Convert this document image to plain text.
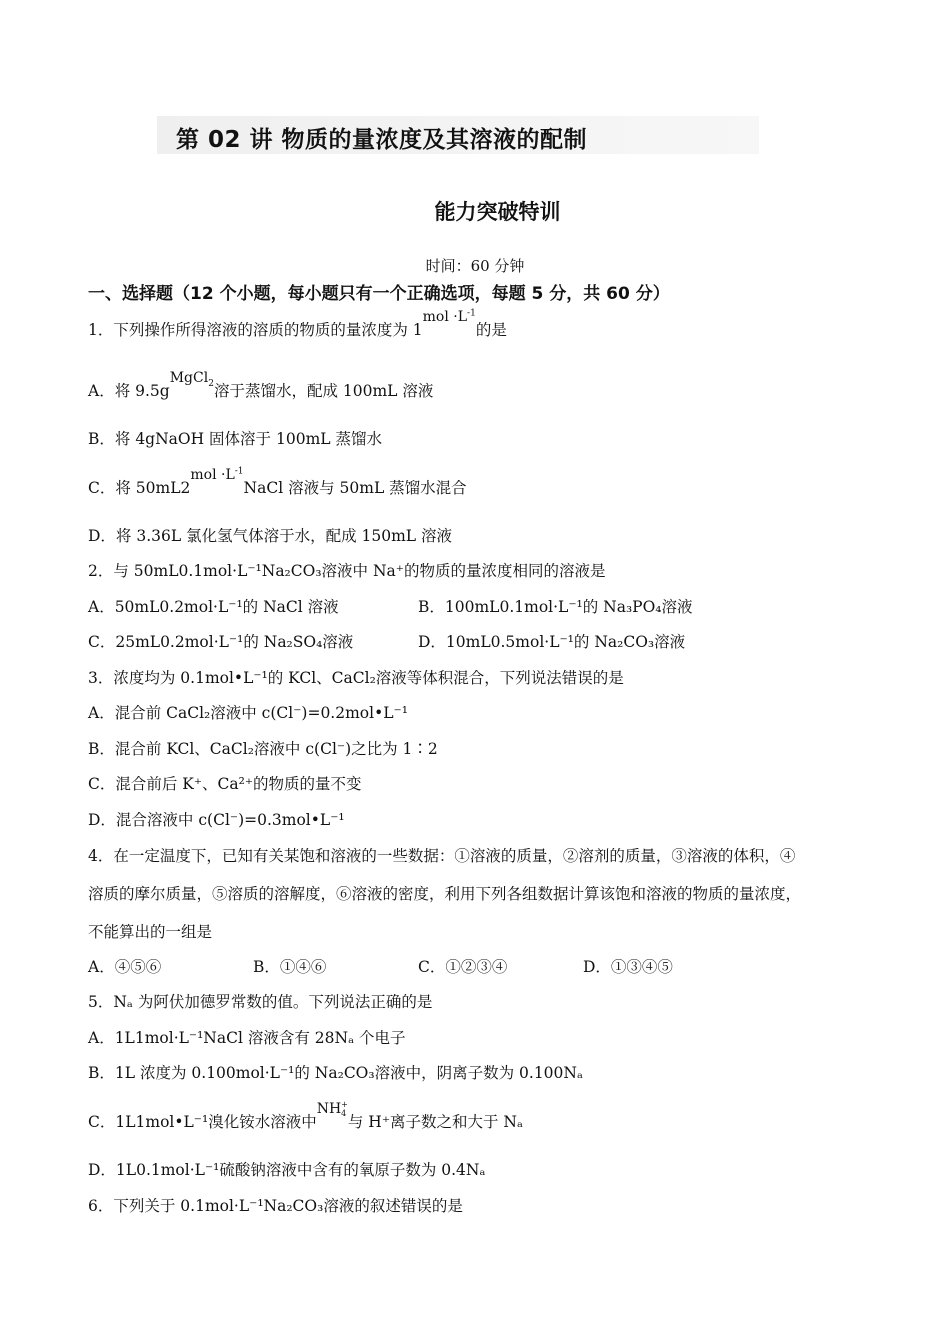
第 02 讲 物质的量浓度及其溶液的配制
能力突破特训
时间：60 分钟
一、选择题（12 个小题，每小题只有一个正确选项，每题 5 分，共 60 分）
1．下列操作所得溶液的溶质的物质的量浓度为 $1mol \cdot L^{-1}$的是
A．将 9.5gMgCl$_2$溶于蒸馏水，配成 100mL 溶液
B．将 4gNaOH 固体溶于 100mL 蒸馏水
C．将 $50mL2mol \cdot L^{-1}NaCl$ 溶液与 50mL 蒸馏水混合
D．将 3.36L 氯化氢气体溶于水，配成 150mL 溶液
2．与 50mL0.1mol·L⁻¹Na₂CO₃溶液中 Na⁺的物质的量浓度相同的溶液是
A．50mL0.2mol·L⁻¹的 NaCl 溶液	B．100mL0.1mol·L⁻¹的 Na₃PO₄溶液
C．25mL0.2mol·L⁻¹的 Na₂SO₄溶液	D．10mL0.5mol·L⁻¹的 Na₂CO₃溶液
3．浓度均为 0.1mol•L⁻¹的 KCl、CaCl₂溶液等体积混合，下列说法错误的是
A．混合前 CaCl₂溶液中 c(Cl⁻)=0.2mol•L⁻¹
B．混合前 KCl、CaCl₂溶液中 c(Cl⁻)之比为 1∶2
C．混合前后 K⁺、Ca²⁺的物质的量不变
D．混合溶液中 c(Cl⁻)=0.3mol•L⁻¹
4．在一定温度下，已知有关某饱和溶液的一些数据：①溶液的质量，②溶剂的质量，③溶液的体积，④
溶质的摩尔质量，⑤溶质的溶解度，⑥溶液的密度，利用下列各组数据计算该饱和溶液的物质的量浓度，
不能算出的一组是
A．④⑤⑥	B．①④⑥	C．①②③④	D．①③④⑤
5．Nₐ 为阿伏加德罗常数的值。下列说法正确的是
A．1L1mol·L⁻¹NaCl 溶液含有 28Nₐ 个电子
B．1L 浓度为 0.100mol·L⁻¹的 Na₂CO₃溶液中，阴离子数为 0.100Nₐ
C．1L1mol•L⁻¹溴化铵水溶液中NH+
4 与 H⁺离子数之和大于 Nₐ
D．1L0.1mol·L⁻¹硫酸钠溶液中含有的氧原子数为 0.4Nₐ
6．下列关于 0.1mol·L⁻¹Na₂CO₃溶液的叙述错误的是
